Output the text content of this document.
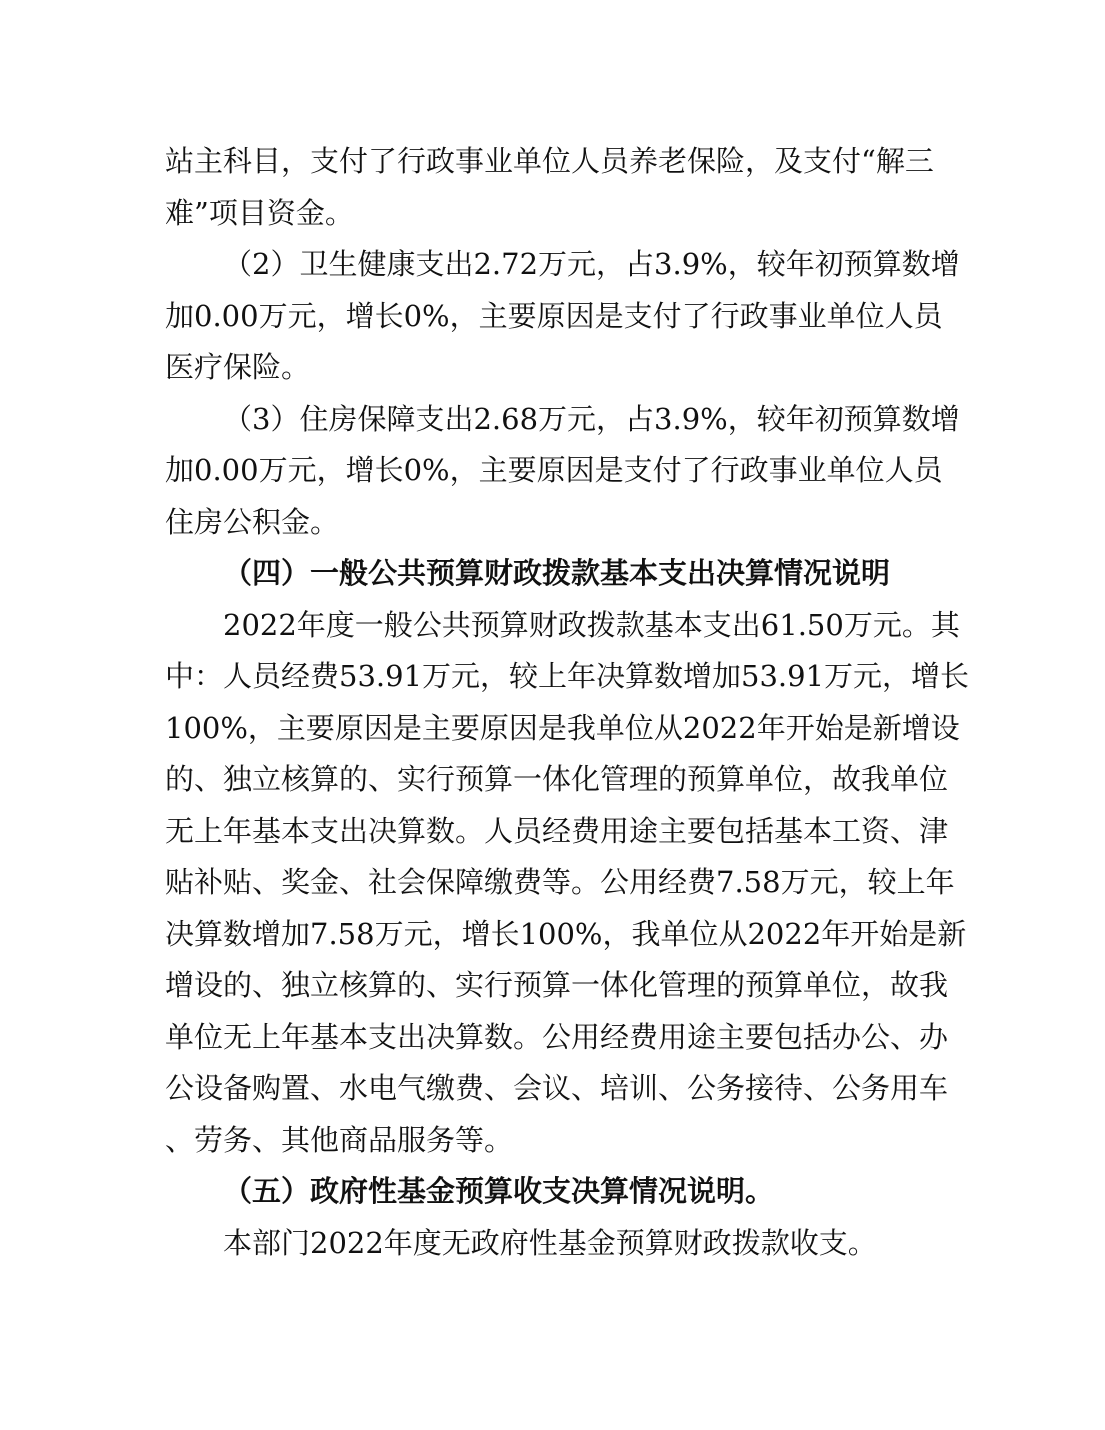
站主科目，支付了行政事业单位人员养老保险，及支付“解三
难”项目资金。
（2）卫生健康支出2.72万元，占3.9%，较年初预算数增
加0.00万元，增长0%，主要原因是支付了行政事业单位人员
医疗保险。
（3）住房保障支出2.68万元，占3.9%，较年初预算数增
加0.00万元，增长0%，主要原因是支付了行政事业单位人员
住房公积金。
（四）一般公共预算财政拨款基本支出决算情况说明
2022年度一般公共预算财政拨款基本支出61.50万元。其
中：人员经费53.91万元，较上年决算数增加53.91万元，增长
100%，主要原因是主要原因是我单位从2022年开始是新增设
的、独立核算的、实行预算一体化管理的预算单位，故我单位
无上年基本支出决算数。人员经费用途主要包括基本工资、津
贴补贴、奖金、社会保障缴费等。公用经费7.58万元，较上年
决算数增加7.58万元，增长100%，我单位从2022年开始是新
增设的、独立核算的、实行预算一体化管理的预算单位，故我
单位无上年基本支出决算数。公用经费用途主要包括办公、办
公设备购置、水电气缴费、会议、培训、公务接待、公务用车
、劳务、其他商品服务等。
（五）政府性基金预算收支决算情况说明。
本部门2022年度无政府性基金预算财政拨款收支。
